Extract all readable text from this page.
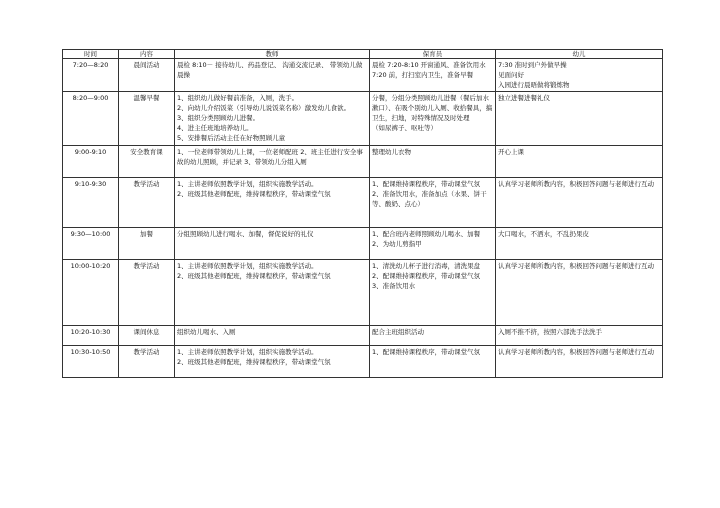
时间	内容	教师	保育员	幼儿
7:20—8:20	晨间活动	晨检 8:10－ 接待幼儿、药品登记、 沟通交流记录、 带领幼儿做晨操	晨检 7:20-8:10 开窗通风、准备饮用水 7:20 前，打扫室内卫生，准备早餐	7:30 准时到户外做早操
见面问好
入园进行晨晤做将锻炼物

8:20—9:00	温馨早餐	1、组织幼儿做好餐前准备，入厕，洗手。
2、向幼儿介绍饭菜（引导幼儿说饭菜名称）激发幼儿食欲。
3、组织分类照顾幼儿进餐。
4、进主任班地培养幼儿。
5、安排餐后活动主任在好物照顾儿童	分餐，分组分类照顾幼儿进餐（餐后加水漱口）、在吸个别幼儿入厕、收拾餐具，搞卫生，扫地，对特殊情况及时处理
（如尿裤子、呕吐等）	独立进餐进餐礼仪

9:00-9:10	安全教育课	1、一位老师带领幼儿上课，一位老师配班 2、班主任进行安全事故的幼儿照顾，并记录 3、带领幼儿分组入厕	整理幼儿衣物	开心上课

9:10-9:30	教学活动	1、主讲老师依照教学计划，组织实施教学活动。
2、班级其他老师配班，维持课程秩序，带动课堂气氛	1、配课维持课程秩序，带动课堂气氛
2、准备饮用水，准备加点（水果、饼干等、酸奶、点心）	认真学习老师所教内容，积极回答问题与老师进行互动

9:30—10:00	加餐	分组照顾幼儿进行喝水、加餐，督促说好的礼仪	1、配合班内老师照顾幼儿喝水、加餐
2、为幼儿剪指甲	大口喝水，不洒水，不乱扔果皮

10:00-10:20	教学活动	1、主讲老师依照教学计划，组织实施教学活动。
2、班级其他老师配班，维持课程秩序，带动课堂气氛	1、清洗幼儿杯子进行消毒，清洗果盘
2、配课维持课程秩序，带动课堂气氛
3、准备饮用水	认真学习老师所教内容，积极回答问题与老师进行互动

10:20-10:30	课间休息	组织幼儿喝水、入厕	配合主班组织活动	入厕不推不挤，按照六部洗手法洗手

10:30-10:50	教学活动	1、主讲老师依照教学计划，组织实施教学活动。
2、班级其他老师配班，维持课程秩序，带动课堂气氛	1、配课维持课程秩序，带动课堂气氛	认真学习老师所教内容，积极回答问题与老师进行互动
